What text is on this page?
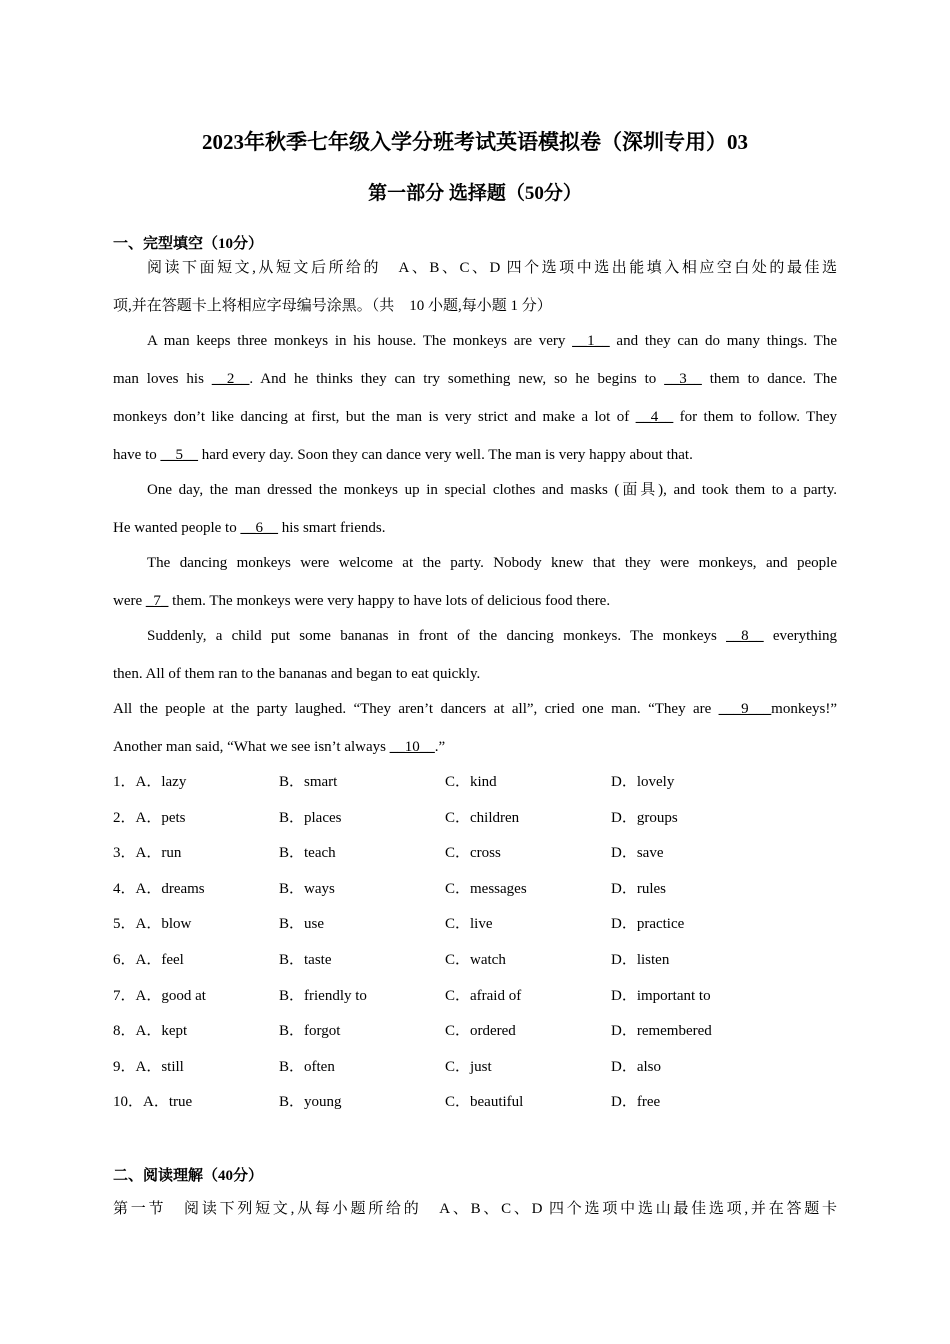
2023年秋季七年级入学分班考试英语模拟卷（深圳专用）03
第一部分 选择题（50分）
一、完型填空（10分）
阅读下面短文,从短文后所给的　A、B、C、D 四个选项中选出能填入相应空白处的最佳选
项,并在答题卡上将相应字母编号涂黑。（共　10 小题,每小题 1 分）
A man keeps three monkeys in his house. The monkeys are very __1__ and they can do many things. The
man loves his __2__. And he thinks they can try something new, so he begins to __3__ them to dance. The
monkeys don’t like dancing at first, but the man is very strict and make a lot of __4__ for them to follow. They
have to __5__ hard every day. Soon they can dance very well. The man is very happy about that.
One day, the man dressed the monkeys up in special clothes and masks (面具), and took them to a party.
He wanted people to __6__ his smart friends.
The dancing monkeys were welcome at the party. Nobody knew that they were monkeys, and people
were _7_ them. The monkeys were very happy to have lots of delicious food there.
Suddenly, a child put some bananas in front of the dancing monkeys. The monkeys __8__ everything
then. All of them ran to the bananas and began to eat quickly.
All the people at the party laughed. “They aren’t dancers at all”, cried one man. “They are ___9___monkeys!”
Another man said, “What we see isn’t always __10__.”
1．A．lazy	B．smart	C．kind	D．lovely
2．A．pets	B．places	C．children	D．groups
3．A．run	B．teach	C．cross	D．save
4．A．dreams	B．ways	C．messages	D．rules
5．A．blow	B．use	C．live	D．practice
6．A．feel	B．taste	C．watch	D．listen
7．A．good at	B．friendly to	C．afraid of	D．important to
8．A．kept	B．forgot	C．ordered	D．remembered
9．A．still	B．often	C．just	D．also
10．A．true	B．young	C．beautiful	D．free
二、阅读理解（40分）
第一节　阅读下列短文,从每小题所给的　A、B、C、D 四个选项中选山最佳选项,并在答题卡
